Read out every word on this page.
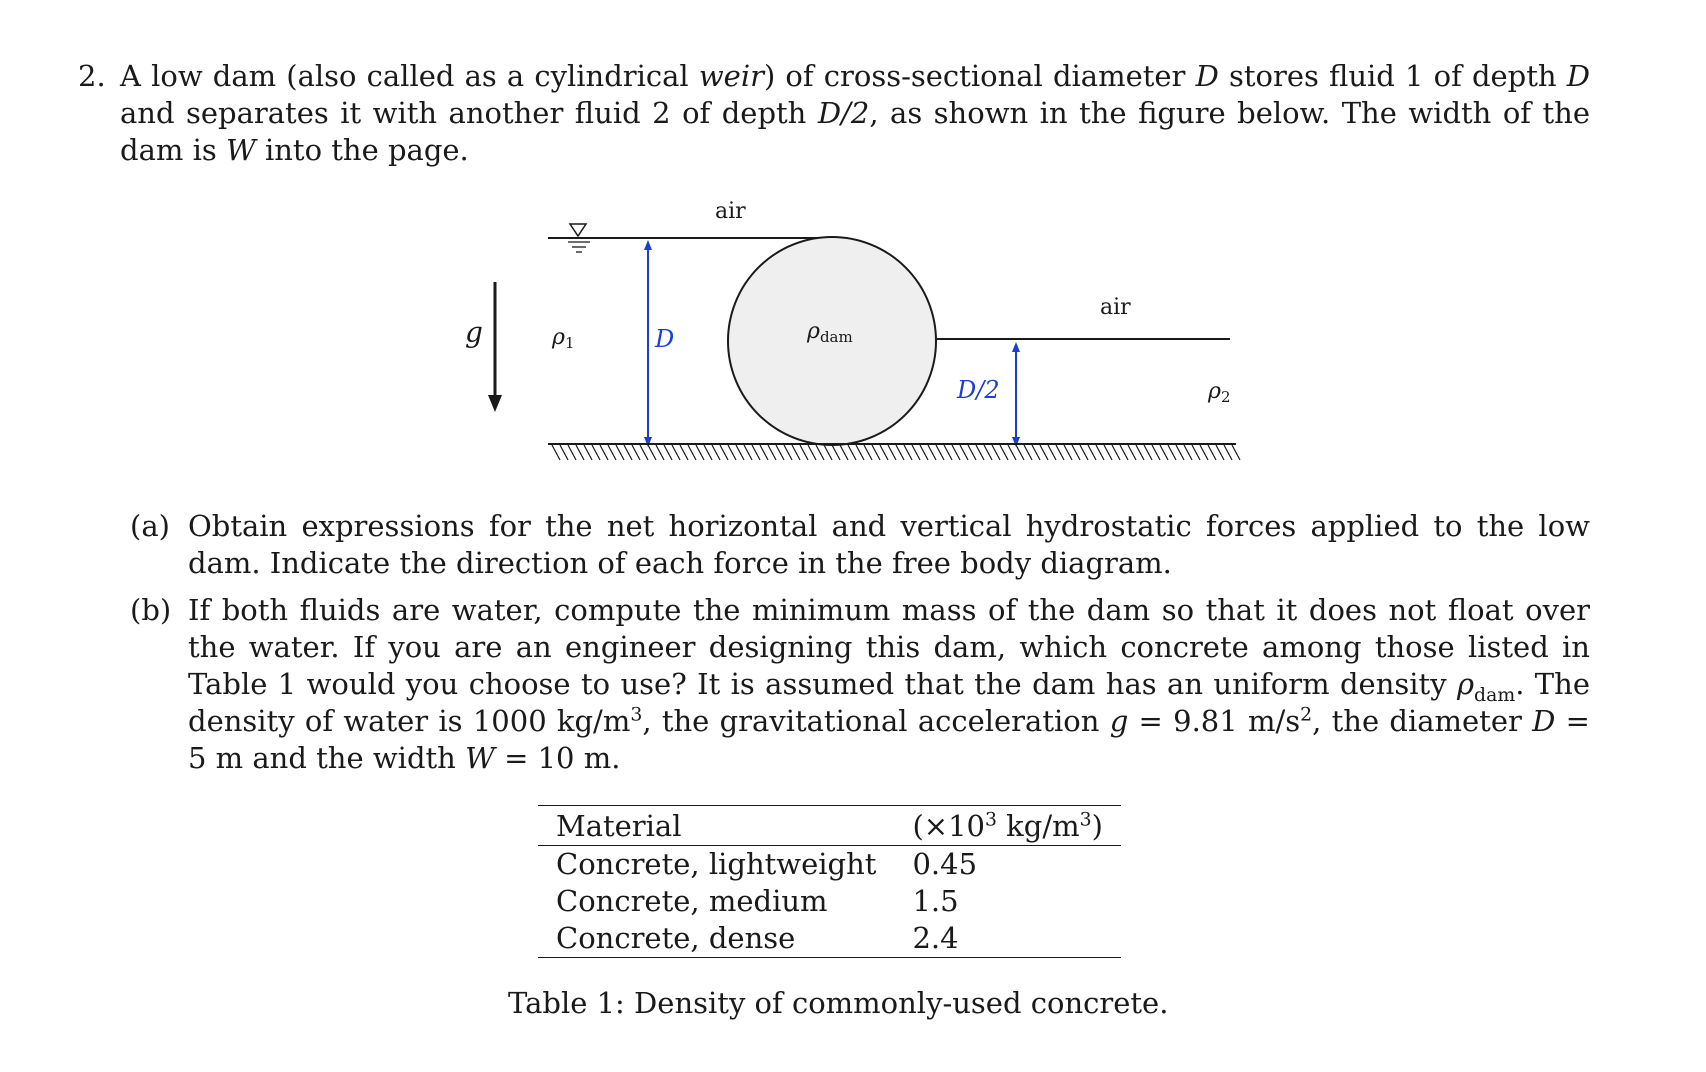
2. A low dam (also called as a cylindrical weir) of cross-sectional diameter D stores fluid 1 of depth D and separates it with another fluid 2 of depth D/2, as shown in the figure below. The width of the dam is W into the page.
g
air
ρ1	D	ρdam
air
D/2	ρ2
(a) Obtain expressions for the net horizontal and vertical hydrostatic forces applied to the low dam. Indicate the direction of each force in the free body diagram.
(b) If both fluids are water, compute the minimum mass of the dam so that it does not float over the water. If you are an engineer designing this dam, which concrete among those listed in Table 1 would you choose to use? It is assumed that the dam has an uniform density $\rho_{dam}$. The density of water is 1000 $kg/m^3$, the gravitational acceleration g = 9.81 $m/s^2$, the diameter D = 5 m and the width W = 10 m.
Material	($\times 10^3$ $kg/m^3$)
Concrete, lightweight	0.45
Concrete, medium	1.5
Concrete, dense	2.4
Table 1: Density of commonly-used concrete.
